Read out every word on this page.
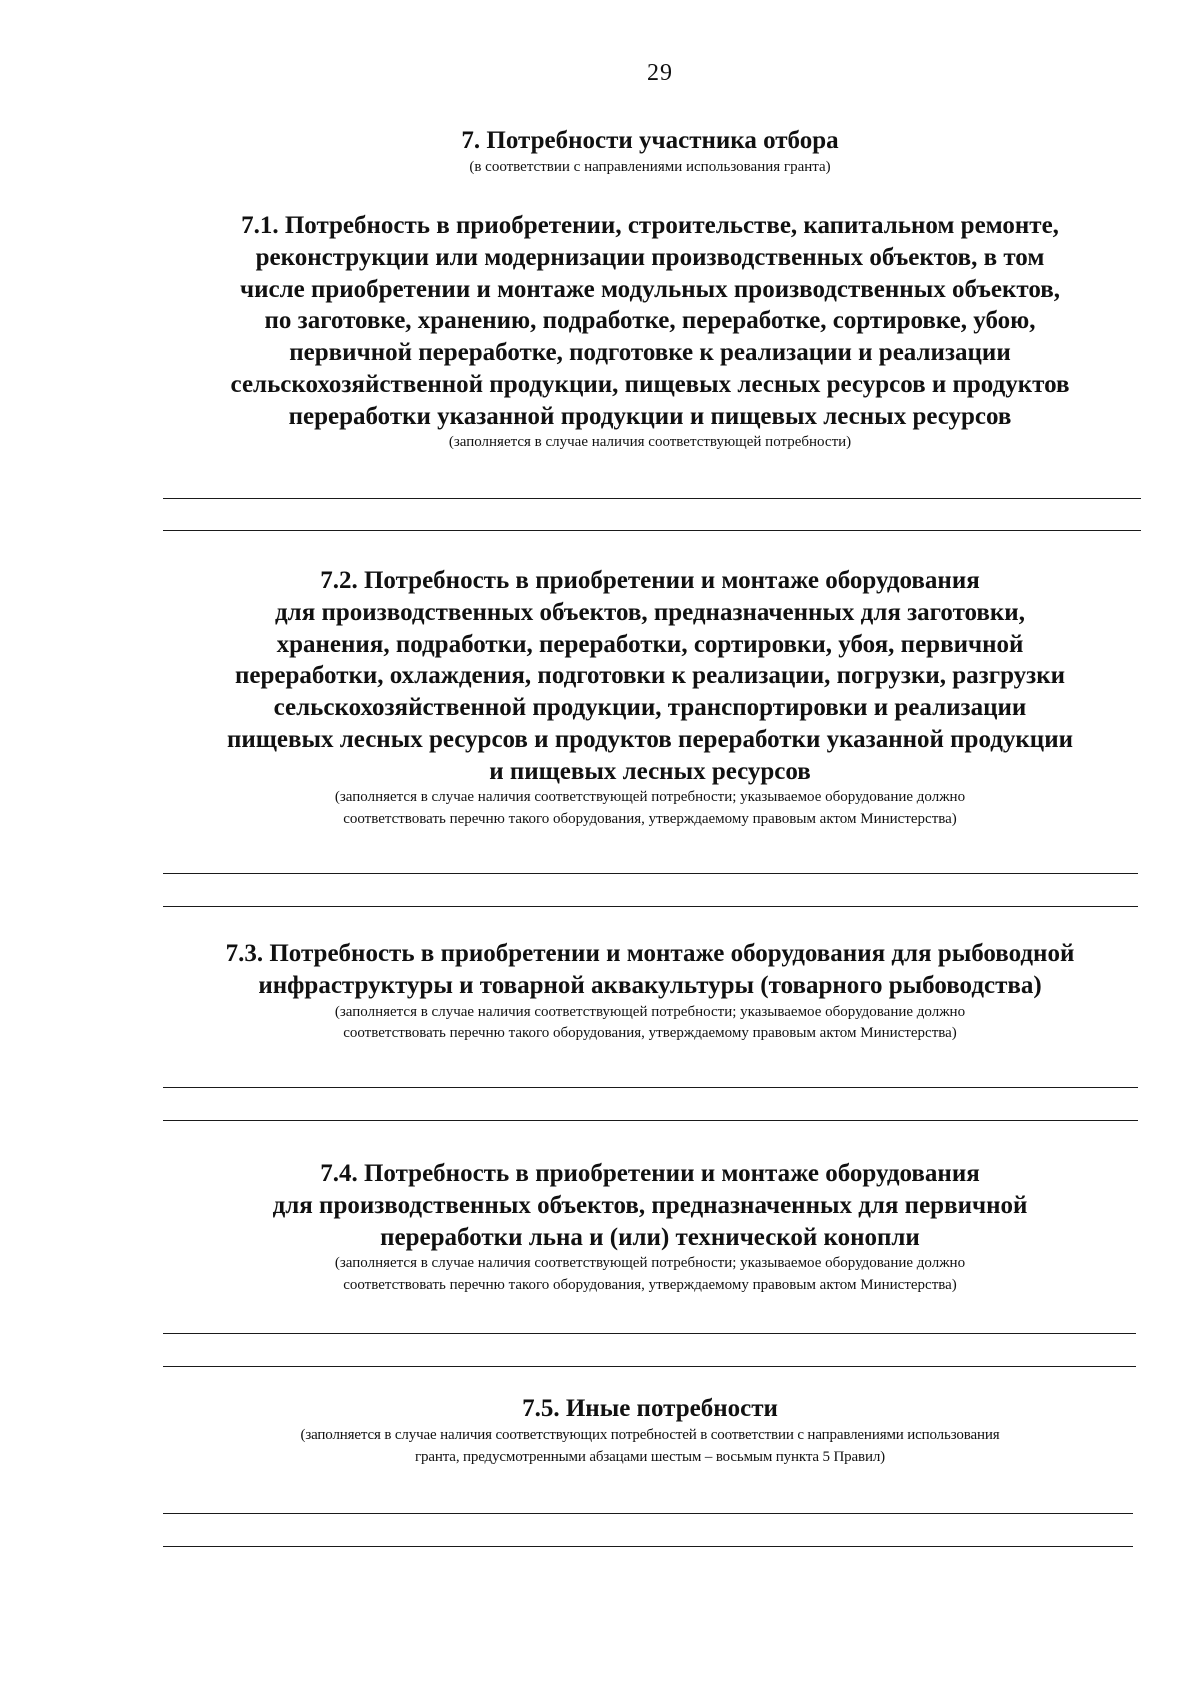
29
7. Потребности участника отбора
(в соответствии с направлениями использования гранта)
7.1. Потребность в приобретении, строительстве, капитальном ремонте,
реконструкции или модернизации производственных объектов, в том
числе приобретении и монтаже модульных производственных объектов,
по заготовке, хранению, подработке, переработке, сортировке, убою,
первичной переработке, подготовке к реализации и реализации
сельскохозяйственной продукции, пищевых лесных ресурсов и продуктов
переработки указанной продукции и пищевых лесных ресурсов
(заполняется в случае наличия соответствующей потребности)
7.2. Потребность в приобретении и монтаже оборудования
для производственных объектов, предназначенных для заготовки,
хранения, подработки, переработки, сортировки, убоя, первичной
переработки, охлаждения, подготовки к реализации, погрузки, разгрузки
сельскохозяйственной продукции, транспортировки и реализации
пищевых лесных ресурсов и продуктов переработки указанной продукции
и пищевых лесных ресурсов
(заполняется в случае наличия соответствующей потребности; указываемое оборудование должно
соответствовать перечню такого оборудования, утверждаемому правовым актом Министерства)
7.3. Потребность в приобретении и монтаже оборудования для рыбоводной
инфраструктуры и товарной аквакультуры (товарного рыбоводства)
(заполняется в случае наличия соответствующей потребности; указываемое оборудование должно
соответствовать перечню такого оборудования, утверждаемому правовым актом Министерства)
7.4. Потребность в приобретении и монтаже оборудования
для производственных объектов, предназначенных для первичной
переработки льна и (или) технической конопли
(заполняется в случае наличия соответствующей потребности; указываемое оборудование должно
соответствовать перечню такого оборудования, утверждаемому правовым актом Министерства)
7.5. Иные потребности
(заполняется в случае наличия соответствующих потребностей в соответствии с направлениями использования
гранта, предусмотренными абзацами шестым – восьмым пункта 5 Правил)
